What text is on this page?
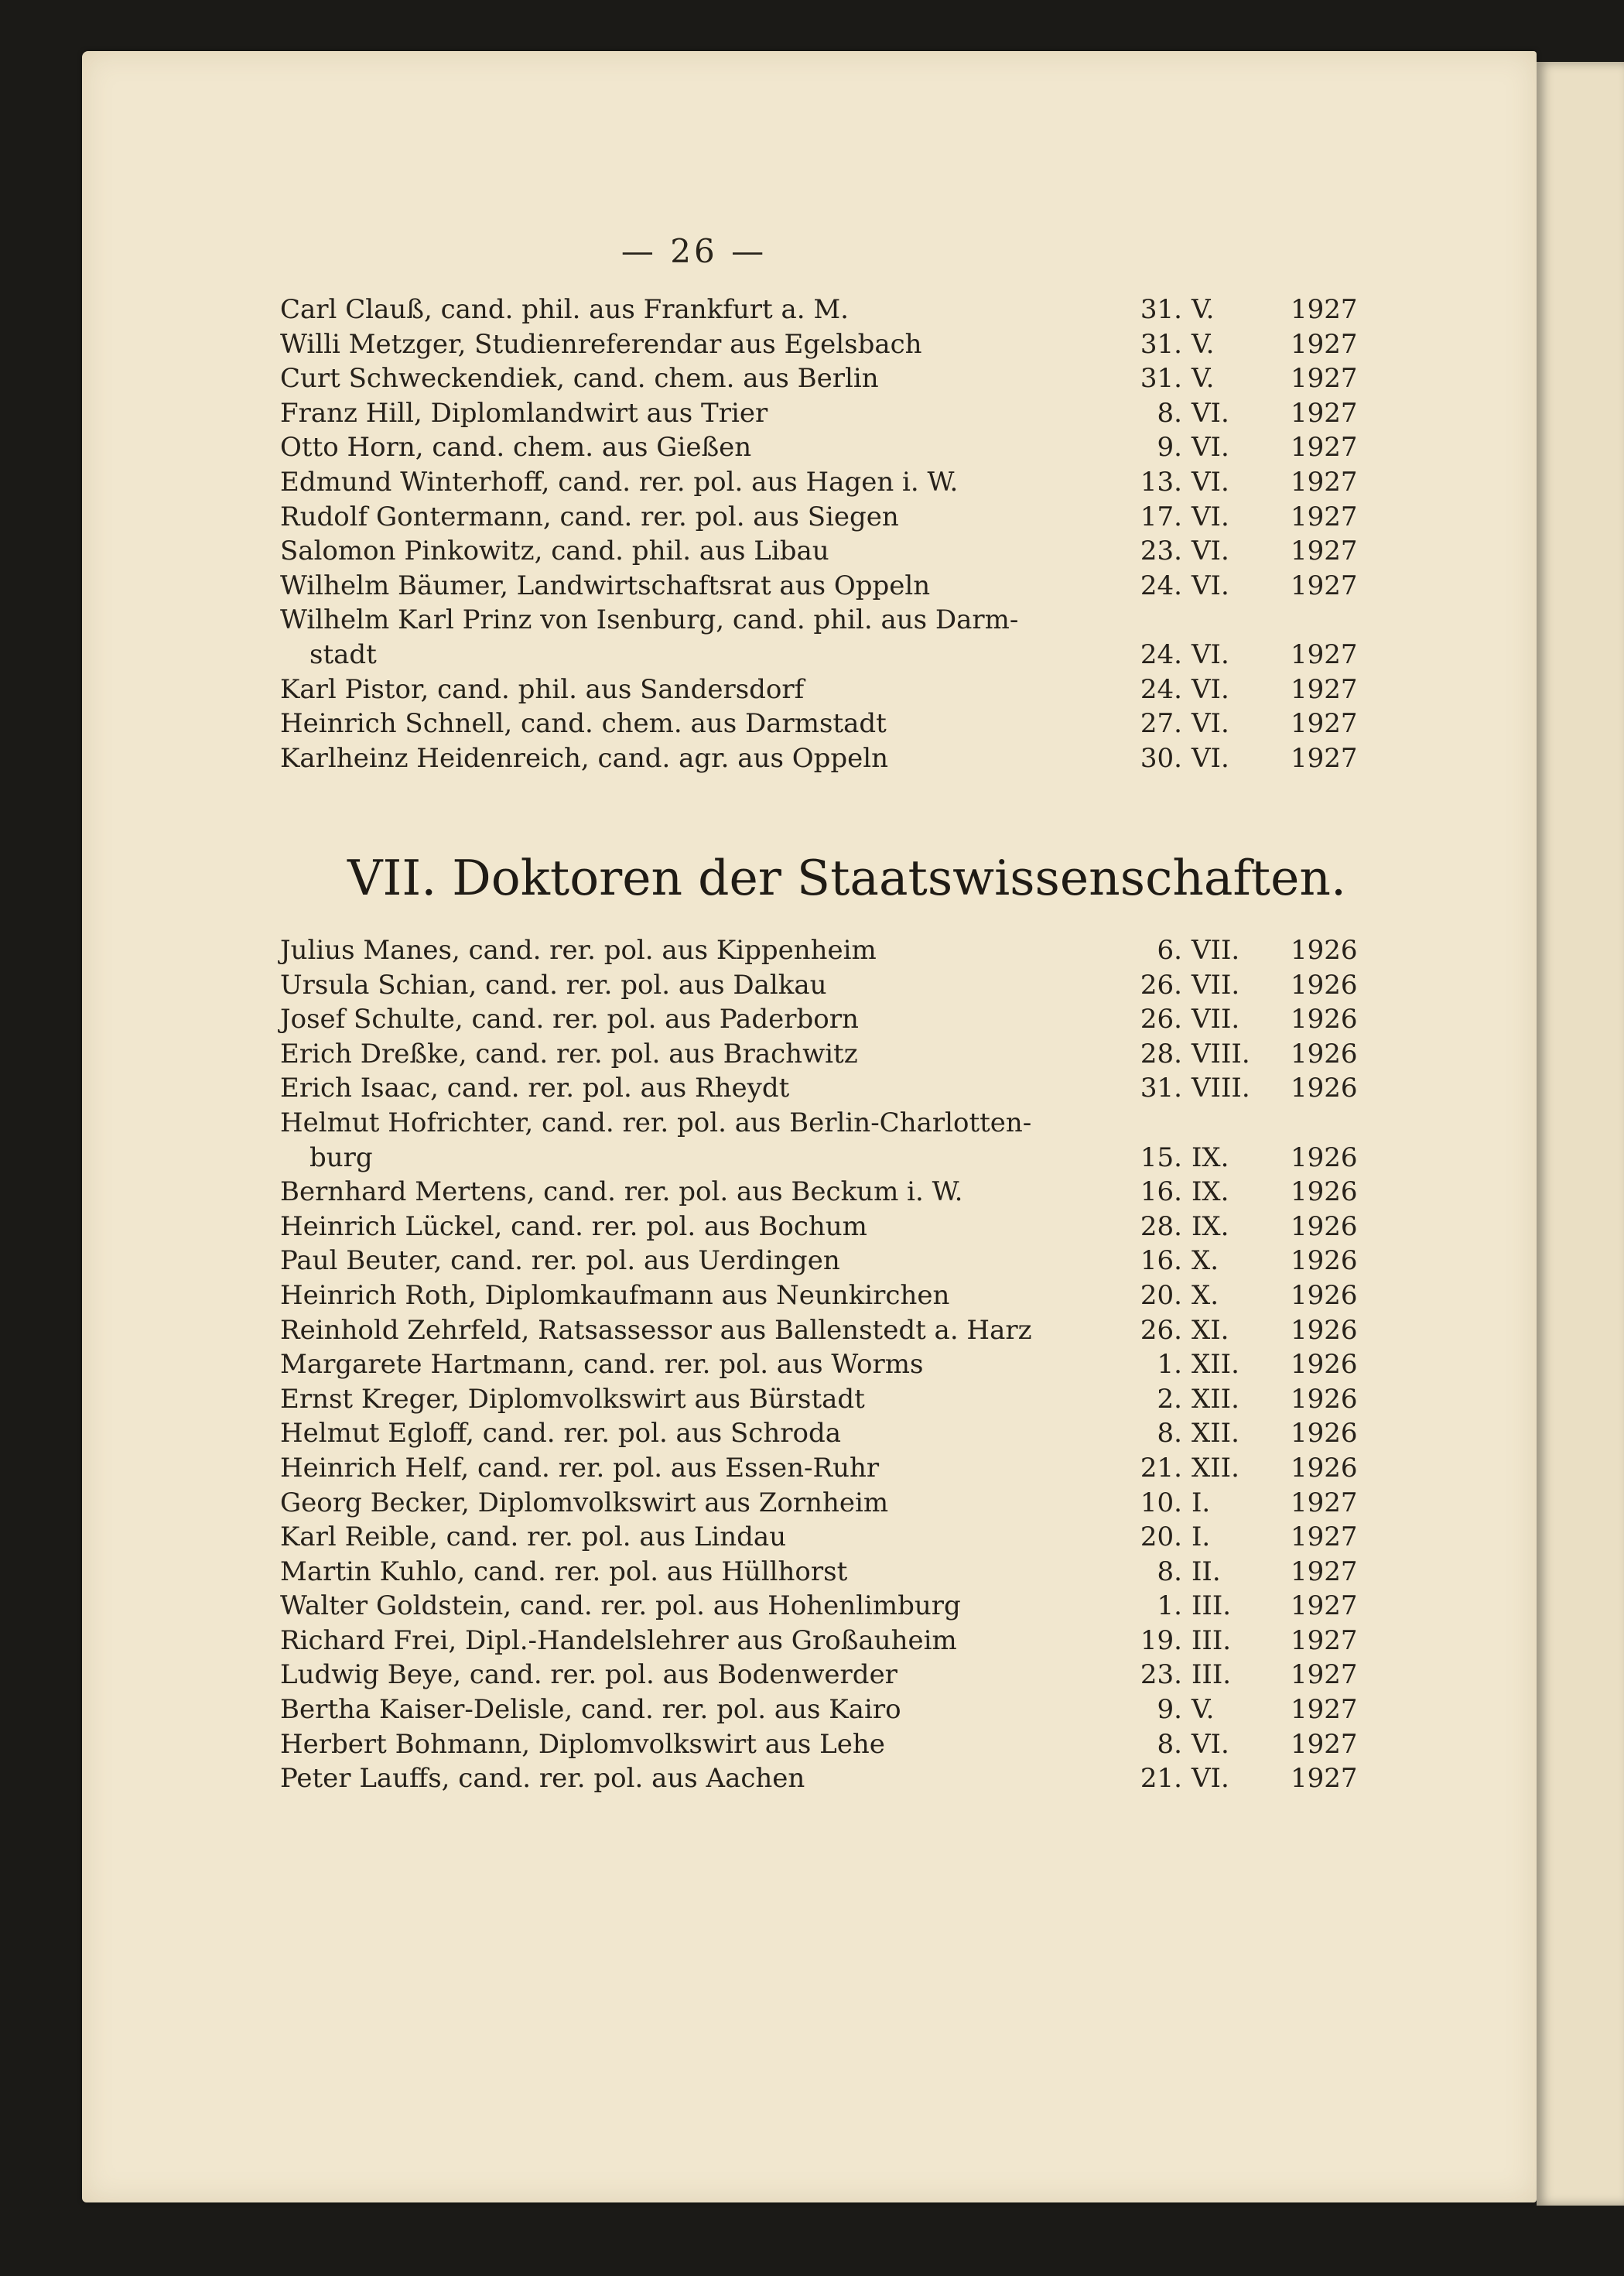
— 26 —
Carl Clauß, cand. phil. aus Frankfurt a. M.	31. V.	1927
Willi Metzger, Studienreferendar aus Egelsbach	31. V.	1927
Curt Schweckendiek, cand. chem. aus Berlin	31. V.	1927
Franz Hill, Diplomlandwirt aus Trier	8. VI. 1927
Otto Horn, cand. chem. aus Gießen	9. VI. 1927
Edmund Winterhoff, cand. rer. pol. aus Hagen i. W.	13. VI. 1927
Rudolf Gontermann, cand. rer. pol. aus Siegen	17. VI. 1927
Salomon Pinkowitz, cand. phil. aus Libau	23. VI. 1927
Wilhelm Bäumer, Landwirtschaftsrat aus Oppeln	24. VI. 1927
Wilhelm Karl Prinz von Isenburg, cand. phil. aus Darm-
stadt	24. VI. 1927
Karl Pistor, cand. phil. aus Sandersdorf	24. VI. 1927
Heinrich Schnell, cand. chem. aus Darmstadt	27. VI. 1927
Karlheinz Heidenreich, cand. agr. aus Oppeln	30. VI. 1927
VII. Doktoren der Staatswissenschaften.
Julius Manes, cand. rer. pol. aus Kippenheim	6. VII. 1926
Ursula Schian, cand. rer. pol. aus Dalkau	26. VII. 1926
Josef Schulte, cand. rer. pol. aus Paderborn	26. VII. 1926
Erich Dreßke, cand. rer. pol. aus Brachwitz	28. VIII. 1926
Erich Isaac, cand. rer. pol. aus Rheydt	31. VIII. 1926
Helmut Hofrichter, cand. rer. pol. aus Berlin-Charlotten-
burg	15. IX. 1926
Bernhard Mertens, cand. rer. pol. aus Beckum i. W.	16. IX. 1926
Heinrich Lückel, cand. rer. pol. aus Bochum	28. IX. 1926
Paul Beuter, cand. rer. pol. aus Uerdingen	16. X.	1926
Heinrich Roth, Diplomkaufmann aus Neunkirchen	20. X.	1926
Reinhold Zehrfeld, Ratsassessor aus Ballenstedt a. Harz	26. XI. 1926
Margarete Hartmann, cand. rer. pol. aus Worms	1. XII. 1926
Ernst Kreger, Diplomvolkswirt aus Bürstadt	2. XII. 1926
Helmut Egloff, cand. rer. pol. aus Schroda	8. XII. 1926
Heinrich Helf, cand. rer. pol. aus Essen-Ruhr	21. XII. 1926
Georg Becker, Diplomvolkswirt aus Zornheim	10. I.	1927
Karl Reible, cand. rer. pol. aus Lindau	20. I.	1927
Martin Kuhlo, cand. rer. pol. aus Hüllhorst	8. II.	1927
Walter Goldstein, cand. rer. pol. aus Hohenlimburg	1. III. 1927
Richard Frei, Dipl.-Handelslehrer aus Großauheim	19. III. 1927
Ludwig Beye, cand. rer. pol. aus Bodenwerder	23. III. 1927
Bertha Kaiser-Delisle, cand. rer. pol. aus Kairo	9. V.	1927
Herbert Bohmann, Diplomvolkswirt aus Lehe	8. VI. 1927
Peter Lauffs, cand. rer. pol. aus Aachen	21. VI. 1927
